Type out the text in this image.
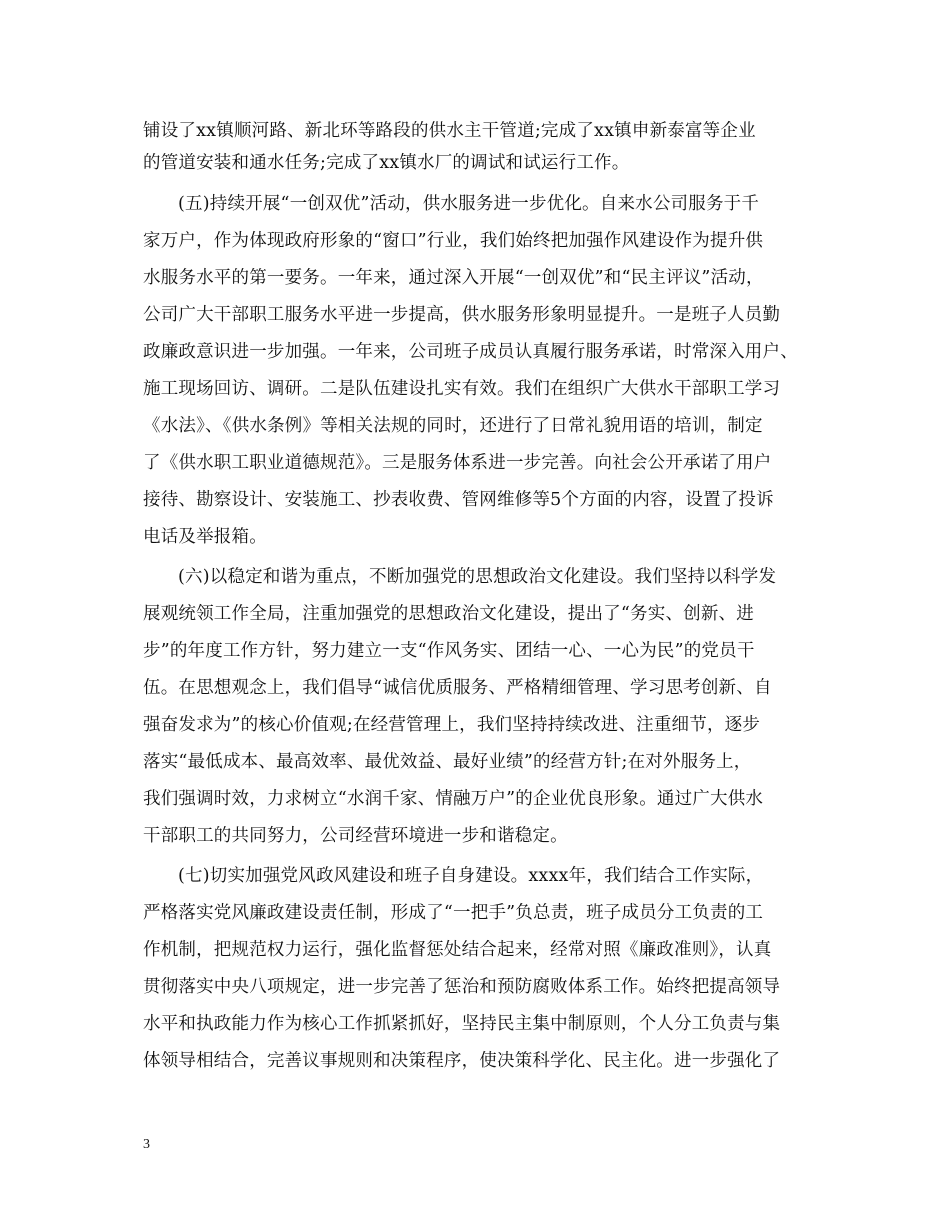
铺设了xx镇顺河路、新北环等路段的供水主干管道;完成了xx镇申新泰富等企业
的管道安装和通水任务;完成了xx镇水厂的调试和试运行工作。
(五)持续开展“一创双优”活动，供水服务进一步优化。自来水公司服务于千
家万户，作为体现政府形象的“窗口”行业，我们始终把加强作风建设作为提升供
水服务水平的第一要务。一年来，通过深入开展“一创双优”和“民主评议”活动，
公司广大干部职工服务水平进一步提高，供水服务形象明显提升。一是班子人员勤
政廉政意识进一步加强。一年来，公司班子成员认真履行服务承诺，时常深入用户、
施工现场回访、调研。二是队伍建设扎实有效。我们在组织广大供水干部职工学习
《水法》、《供水条例》等相关法规的同时，还进行了日常礼貌用语的培训，制定
了《供水职工职业道德规范》。三是服务体系进一步完善。向社会公开承诺了用户
接待、勘察设计、安装施工、抄表收费、管网维修等5个方面的内容，设置了投诉
电话及举报箱。
(六)以稳定和谐为重点，不断加强党的思想政治文化建设。我们坚持以科学发
展观统领工作全局，注重加强党的思想政治文化建设，提出了“务实、创新、进
步”的年度工作方针，努力建立一支“作风务实、团结一心、一心为民”的党员干
伍。在思想观念上，我们倡导“诚信优质服务、严格精细管理、学习思考创新、自
强奋发求为”的核心价值观;在经营管理上，我们坚持持续改进、注重细节，逐步
落实“最低成本、最高效率、最优效益、最好业绩”的经营方针;在对外服务上，
我们强调时效，力求树立“水润千家、情融万户”的企业优良形象。通过广大供水
干部职工的共同努力，公司经营环境进一步和谐稳定。
(七)切实加强党风政风建设和班子自身建设。xxxx年，我们结合工作实际，
严格落实党风廉政建设责任制，形成了“一把手”负总责，班子成员分工负责的工
作机制，把规范权力运行，强化监督惩处结合起来，经常对照《廉政准则》，认真
贯彻落实中央八项规定，进一步完善了惩治和预防腐败体系工作。始终把提高领导
水平和执政能力作为核心工作抓紧抓好，坚持民主集中制原则，个人分工负责与集
体领导相结合，完善议事规则和决策程序，使决策科学化、民主化。进一步强化了
3
